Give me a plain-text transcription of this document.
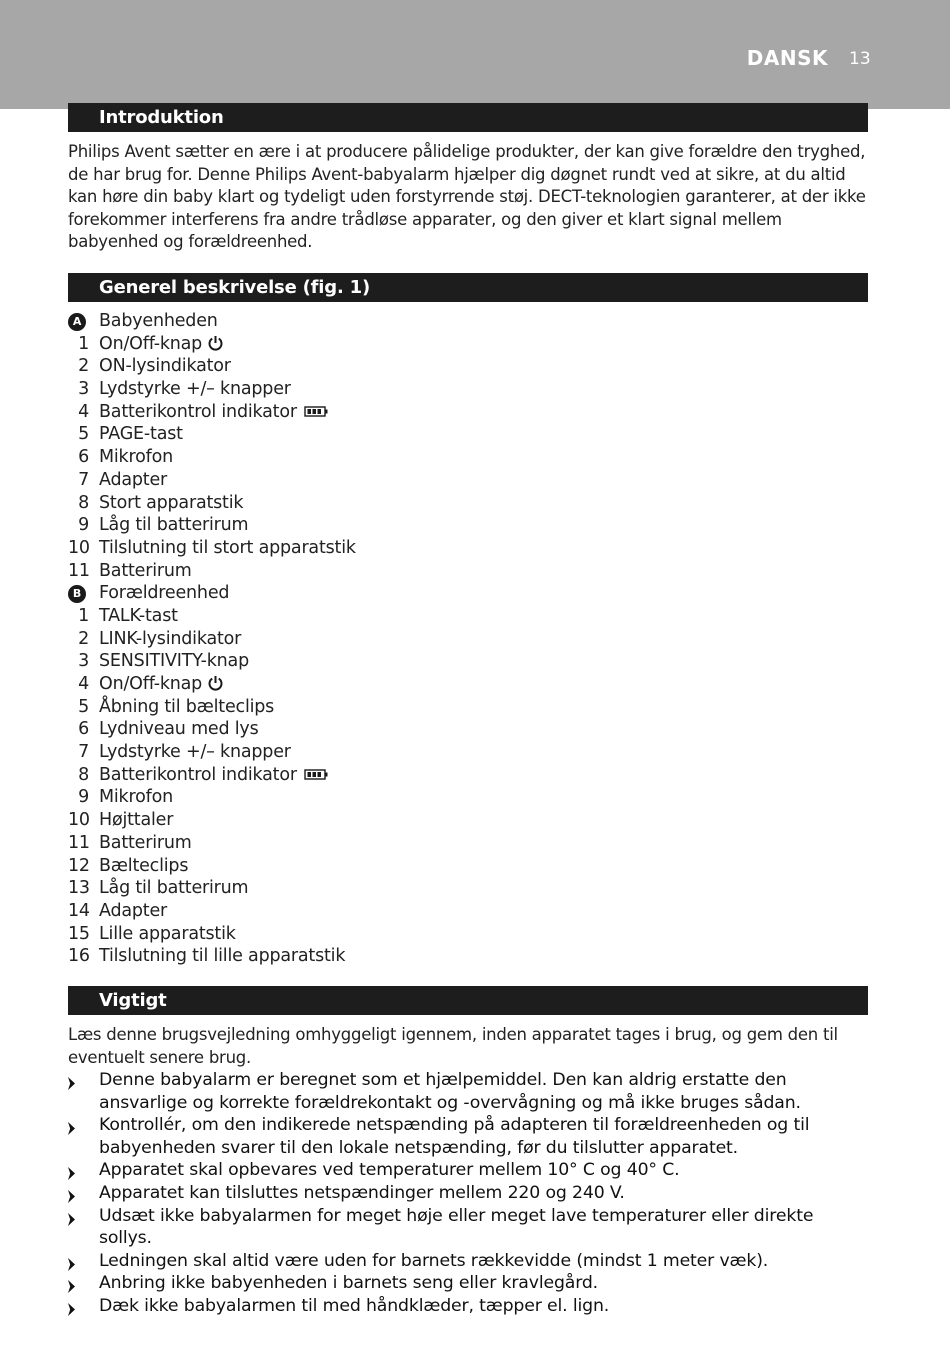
DANSK 13
Introduktion
Philips Avent sætter en ære i at producere pålidelige produkter, der kan give forældre den tryghed, de har brug for. Denne Philips Avent-babyalarm hjælper dig døgnet rundt ved at sikre, at du altid kan høre din baby klart og tydeligt uden forstyrrende støj. DECT-teknologien garanterer, at der ikke forekommer interferens fra andre trådløse apparater, og den giver et klart signal mellem babyenhed og forældreenhed.
Generel beskrivelse (fig. 1)
A Babyenheden
1 On/Off-knap
2 ON-lysindikator
3 Lydstyrke +/– knapper
4 Batterikontrol indikator
5 PAGE-tast
6 Mikrofon
7 Adapter
8 Stort apparatstik
9 Låg til batterirum
10 Tilslutning til stort apparatstik
11 Batterirum
B Forældreenhed
1 TALK-tast
2 LINK-lysindikator
3 SENSITIVITY-knap
4 On/Off-knap
5 Åbning til bælteclips
6 Lydniveau med lys
7 Lydstyrke +/– knapper
8 Batterikontrol indikator
9 Mikrofon
10 Højttaler
11 Batterirum
12 Bælteclips
13 Låg til batterirum
14 Adapter
15 Lille apparatstik
16 Tilslutning til lille apparatstik
Vigtigt
Læs denne brugsvejledning omhyggeligt igennem, inden apparatet tages i brug, og gem den til eventuelt senere brug.
Denne babyalarm er beregnet som et hjælpemiddel. Den kan aldrig erstatte den ansvarlige og korrekte forældrekontakt og -overvågning og må ikke bruges sådan.
Kontrollér, om den indikerede netspænding på adapteren til forældreenheden og til babyenheden svarer til den lokale netspænding, før du tilslutter apparatet.
Apparatet skal opbevares ved temperaturer mellem 10° C og 40° C.
Apparatet kan tilsluttes netspændinger mellem 220 og 240 V.
Udsæt ikke babyalarmen for meget høje eller meget lave temperaturer eller direkte sollys.
Ledningen skal altid være uden for barnets rækkevidde (mindst 1 meter væk).
Anbring ikke babyenheden i barnets seng eller kravlegård.
Dæk ikke babyalarmen til med håndklæder, tæpper el. lign.
